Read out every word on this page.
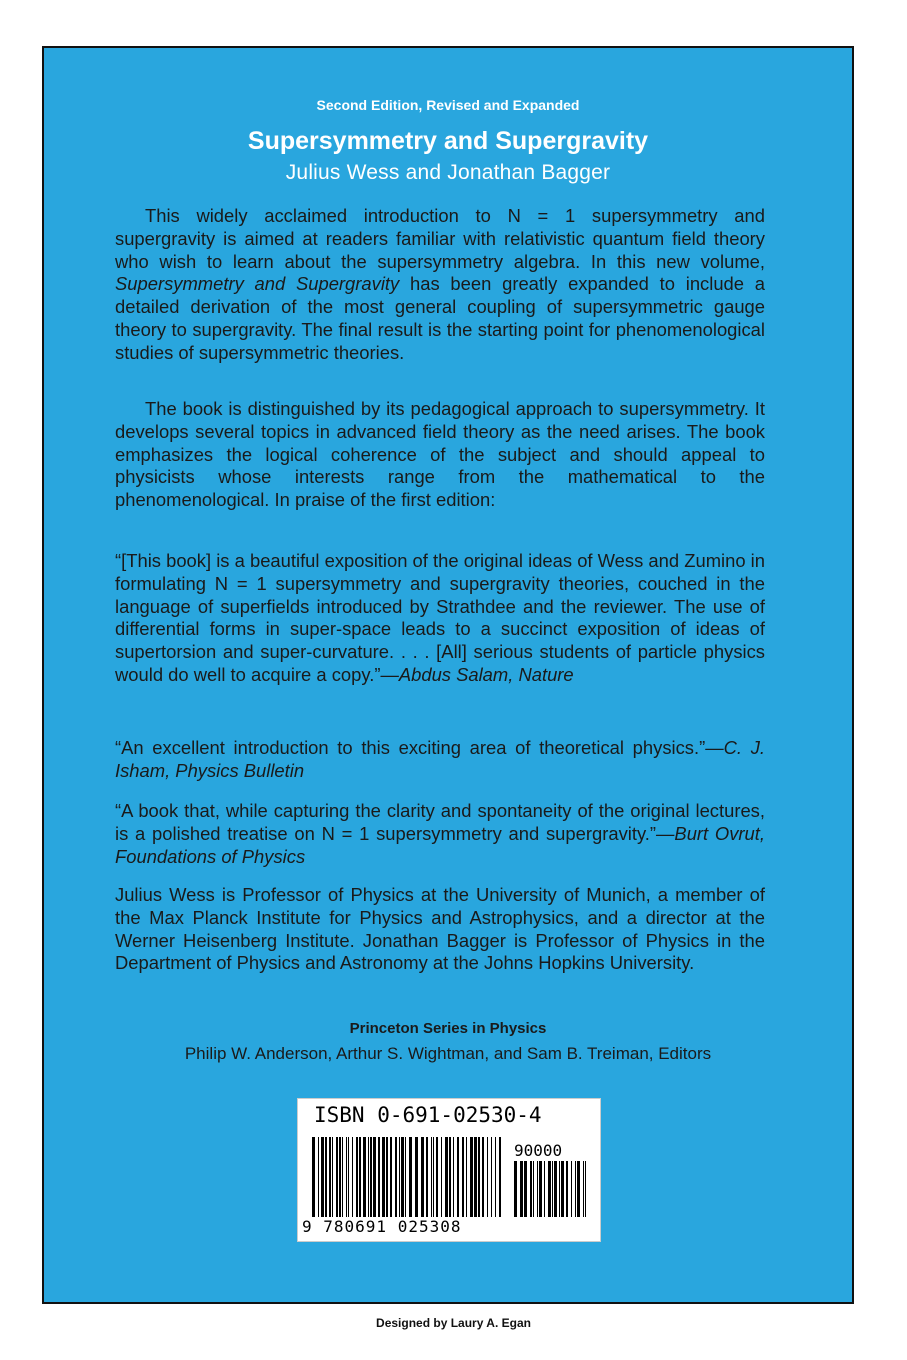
Second Edition, Revised and Expanded
Supersymmetry and Supergravity
Julius Wess and Jonathan Bagger

This widely acclaimed introduction to N = 1 supersymmetry and supergravity is aimed at readers familiar with relativistic quantum field theory who wish to learn about the supersymmetry algebra. In this new volume, Supersymmetry and Supergravity has been greatly expanded to include a detailed derivation of the most general coupling of supersymmetric gauge theory to supergravity. The final result is the starting point for phenomenological studies of supersymmetric theories.

The book is distinguished by its pedagogical approach to supersymmetry. It develops several topics in advanced field theory as the need arises. The book emphasizes the logical coherence of the subject and should appeal to physicists whose interests range from the mathematical to the phenomenological. In praise of the first edition:

“[This book] is a beautiful exposition of the original ideas of Wess and Zumino in formulating N = 1 supersymmetry and supergravity theories, couched in the language of superfields introduced by Strathdee and the reviewer. The use of differential forms in super-space leads to a succinct exposition of ideas of supertorsion and super-curvature. . . . [All] serious students of particle physics would do well to acquire a copy.”—Abdus Salam, Nature

“An excellent introduction to this exciting area of theoretical physics.”—C. J. Isham, Physics Bulletin

“A book that, while capturing the clarity and spontaneity of the original lectures, is a polished treatise on N = 1 supersymmetry and supergravity.”—Burt Ovrut, Foundations of Physics

Julius Wess is Professor of Physics at the University of Munich, a member of the Max Planck Institute for Physics and Astrophysics, and a director at the Werner Heisenberg Institute. Jonathan Bagger is Professor of Physics in the Department of Physics and Astronomy at the Johns Hopkins University.

Princeton Series in Physics
Philip W. Anderson, Arthur S. Wightman, and Sam B. Treiman, Editors
ISBN 0-691-02530-4
90000
9 780691 025308
Designed by Laury A. Egan
